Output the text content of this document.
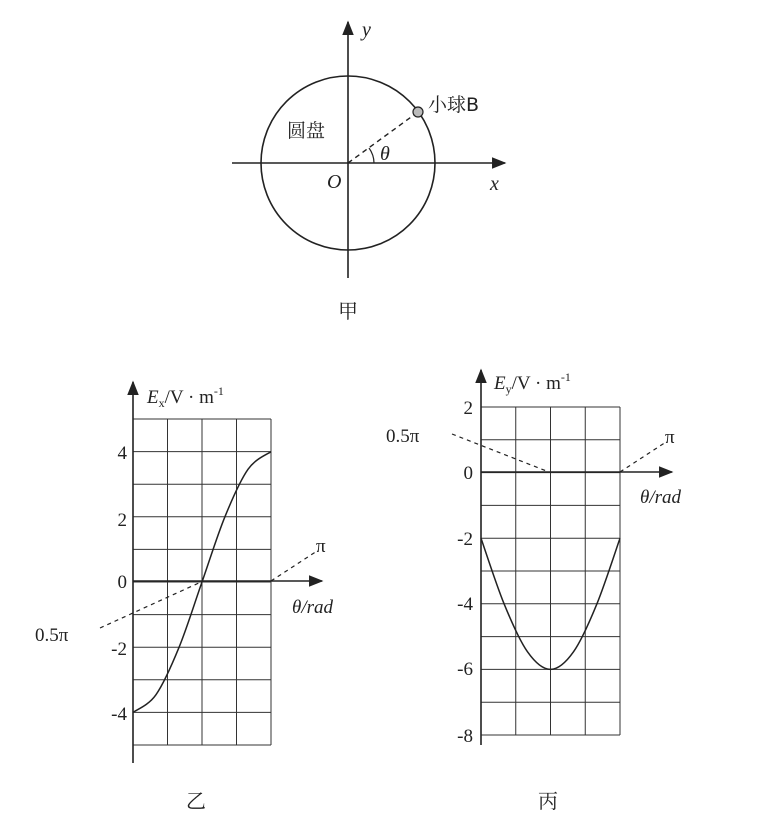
θ
y
x
O
圆盘
小球B
甲
$E_x/V \cdot m^{-1}$
4
2
0
-2
-4
θ/rad
0.5π
π
乙
$E_y/V \cdot m^{-1}$
2
0
-2
-4
-6
-8
θ/rad
0.5π	π
丙
